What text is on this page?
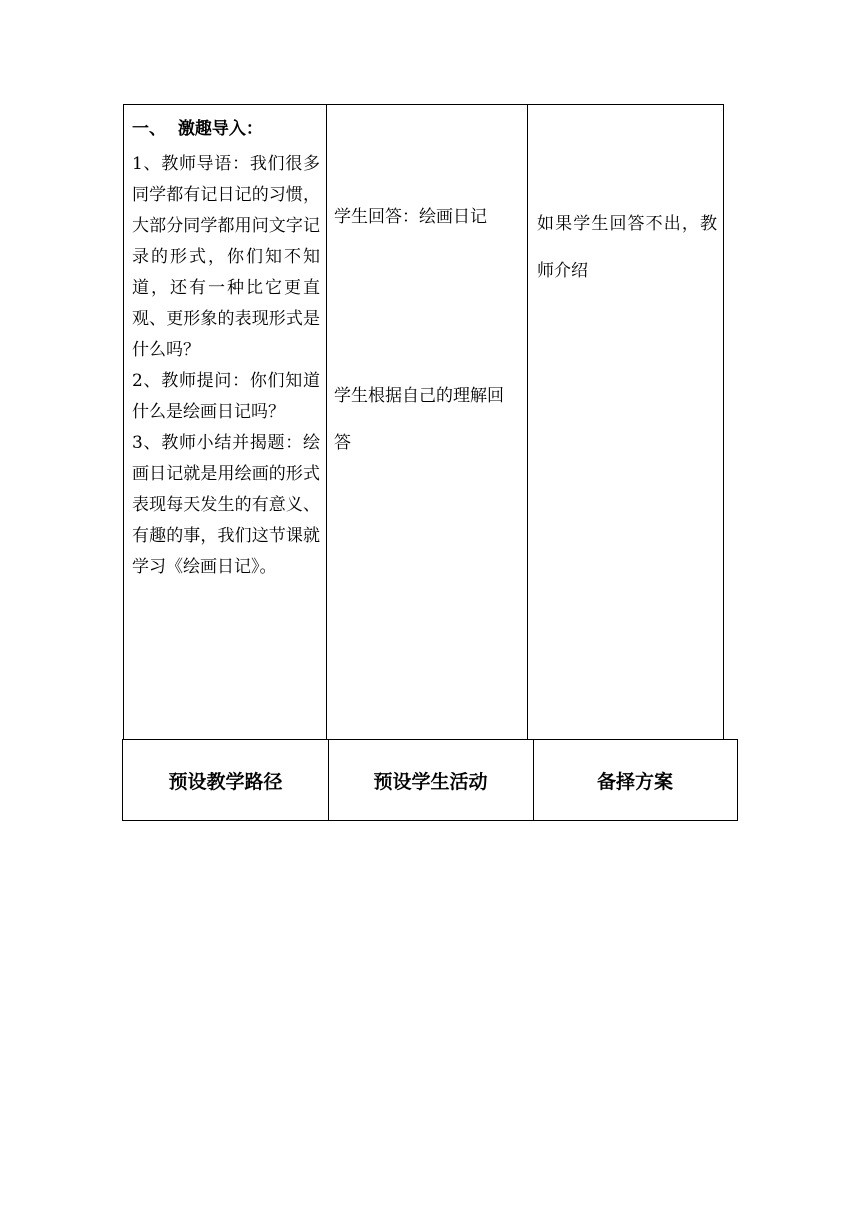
一、  激趣导入：
1、教师导语：我们很多同学都有记日记的习惯，大部分同学都用问文字记录的形式，你们知不知道，还有一种比它更直观、更形象的表现形式是什么吗？
2、教师提问：你们知道什么是绘画日记吗？
3、教师小结并揭题：绘画日记就是用绘画的形式表现每天发生的有意义、有趣的事，我们这节课就学习《绘画日记》。
学生回答：绘画日记
学生根据自己的理解回答
如果学生回答不出，教师介绍
预设教学路径	预设学生活动	备择方案
